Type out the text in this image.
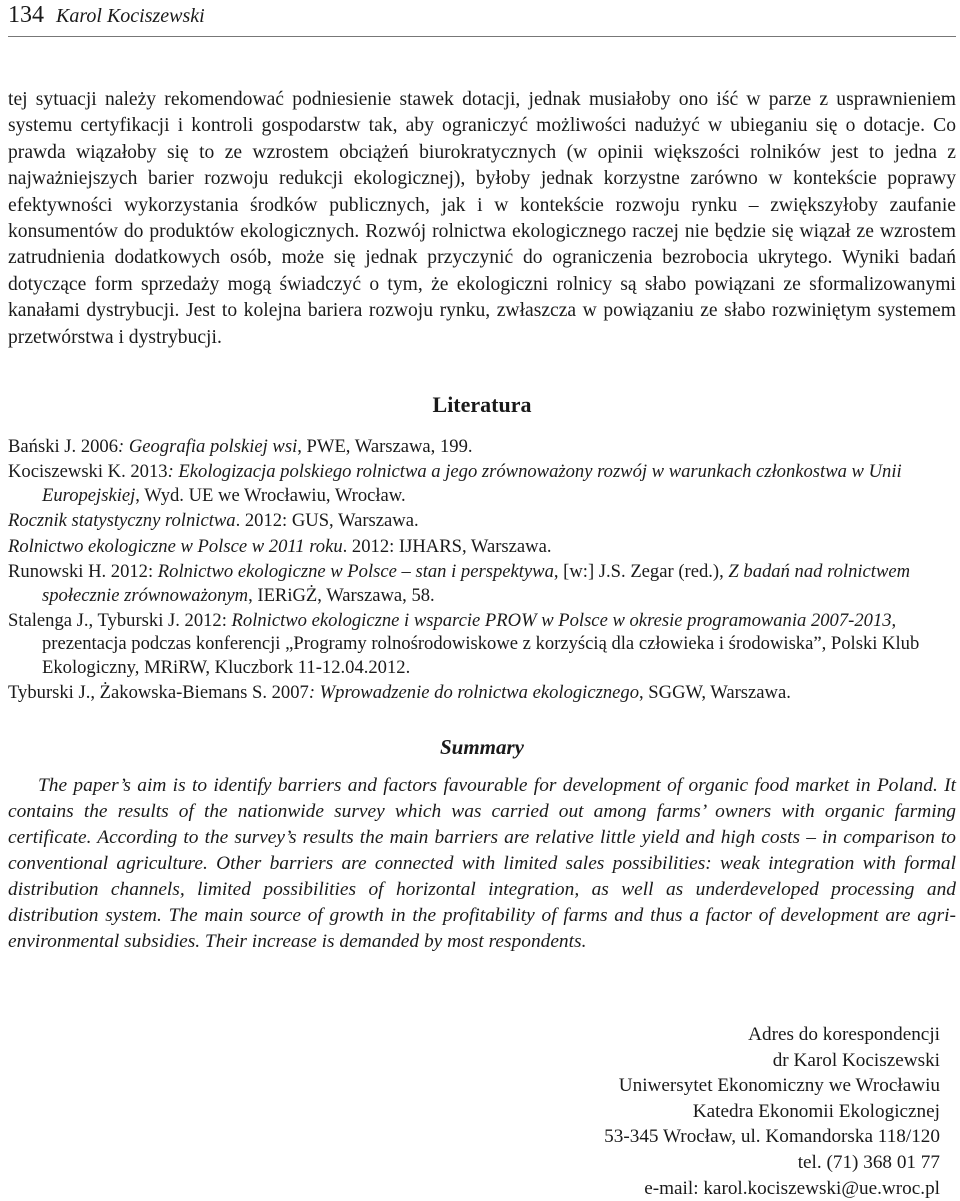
134 Karol Kociszewski

tej sytuacji należy rekomendować podniesienie stawek dotacji, jednak musiałoby ono iść w parze z usprawnieniem systemu certyfikacji i kontroli gospodarstw tak, aby ograniczyć możliwości nadużyć w ubieganiu się o dotacje. Co prawda wiązałoby się to ze wzrostem obciążeń biurokratycznych (w opinii większości rolników jest to jedna z najważniejszych barier rozwoju redukcji ekologicznej), byłoby jednak korzystne zarówno w kontekście poprawy efektywności wykorzystania środków publicznych, jak i w kontekście rozwoju rynku – zwiększyłoby zaufanie konsumentów do produktów ekologicznych. Rozwój rolnictwa ekologicznego raczej nie będzie się wiązał ze wzrostem zatrudnienia dodatkowych osób, może się jednak przyczynić do ograniczenia bezrobocia ukrytego. Wyniki badań dotyczące form sprzedaży mogą świadczyć o tym, że ekologiczni rolnicy są słabo powiązani ze sformalizowanymi kanałami dystrybucji. Jest to kolejna bariera rozwoju rynku, zwłaszcza w powiązaniu ze słabo rozwiniętym systemem przetwórstwa i dystrybucji.

Literatura

Bański J. 2006: Geografia polskiej wsi, PWE, Warszawa, 199.

Kociszewski K. 2013: Ekologizacja polskiego rolnictwa a jego zrównoważony rozwój w warunkach członkostwa w Unii Europejskiej, Wyd. UE we Wrocławiu, Wrocław.

Rocznik statystyczny rolnictwa. 2012: GUS, Warszawa.

Rolnictwo ekologiczne w Polsce w 2011 roku. 2012: IJHARS, Warszawa.

Runowski H. 2012: Rolnictwo ekologiczne w Polsce – stan i perspektywa, [w:] J.S. Zegar (red.), Z badań nad rolnictwem społecznie zrównoważonym, IERiGŻ, Warszawa, 58.

Stalenga J., Tyburski J. 2012: Rolnictwo ekologiczne i wsparcie PROW w Polsce w okresie programowania 2007-2013, prezentacja podczas konferencji „Programy rolnośrodowiskowe z korzyścią dla człowieka i środowiska”, Polski Klub Ekologiczny, MRiRW, Kluczbork 11-12.04.2012.

Tyburski J., Żakowska-Biemans S. 2007: Wprowadzenie do rolnictwa ekologicznego, SGGW, Warszawa.

Summary

The paper’s aim is to identify barriers and factors favourable for development of organic food market in Poland. It contains the results of the nationwide survey which was carried out among farms’ owners with organic farming certificate. According to the survey’s results the main barriers are relative little yield and high costs – in comparison to conventional agriculture. Other barriers are connected with limited sales possibilities: weak integration with formal distribution channels, limited possibilities of horizontal integration, as well as underdeveloped processing and distribution system. The main source of growth in the profitability of farms and thus a factor of development are agri-environmental subsidies. Their increase is demanded by most respondents.

Adres do korespondencji
dr Karol Kociszewski
Uniwersytet Ekonomiczny we Wrocławiu
Katedra Ekonomii Ekologicznej
53-345 Wrocław, ul. Komandorska 118/120
tel. (71) 368 01 77
e-mail: karol.kociszewski@ue.wroc.pl
